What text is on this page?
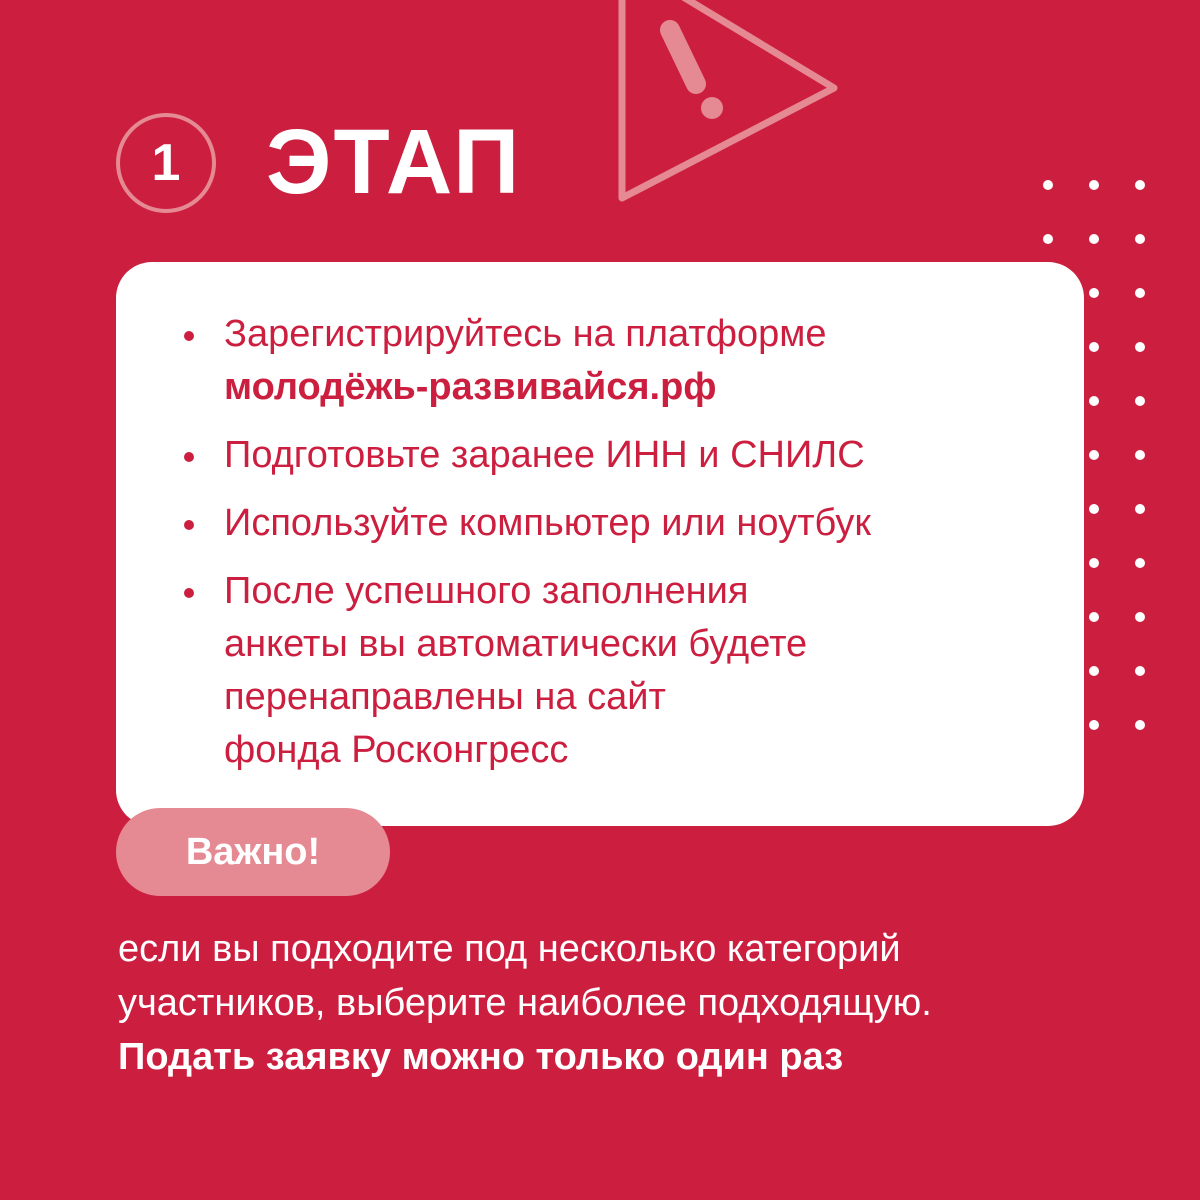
1 ЭТАП
Зарегистрируйтесь на платформе
молодёжь-развивайся.рф
Подготовьте заранее ИНН и СНИЛС
Используйте компьютер или ноутбук
После успешного заполнения
анкеты вы автоматически будете
перенаправлены на сайт
фонда Росконгресс
Важно!
если вы подходите под несколько категорий
участников, выберите наиболее подходящую.
Подать заявку можно только один раз
